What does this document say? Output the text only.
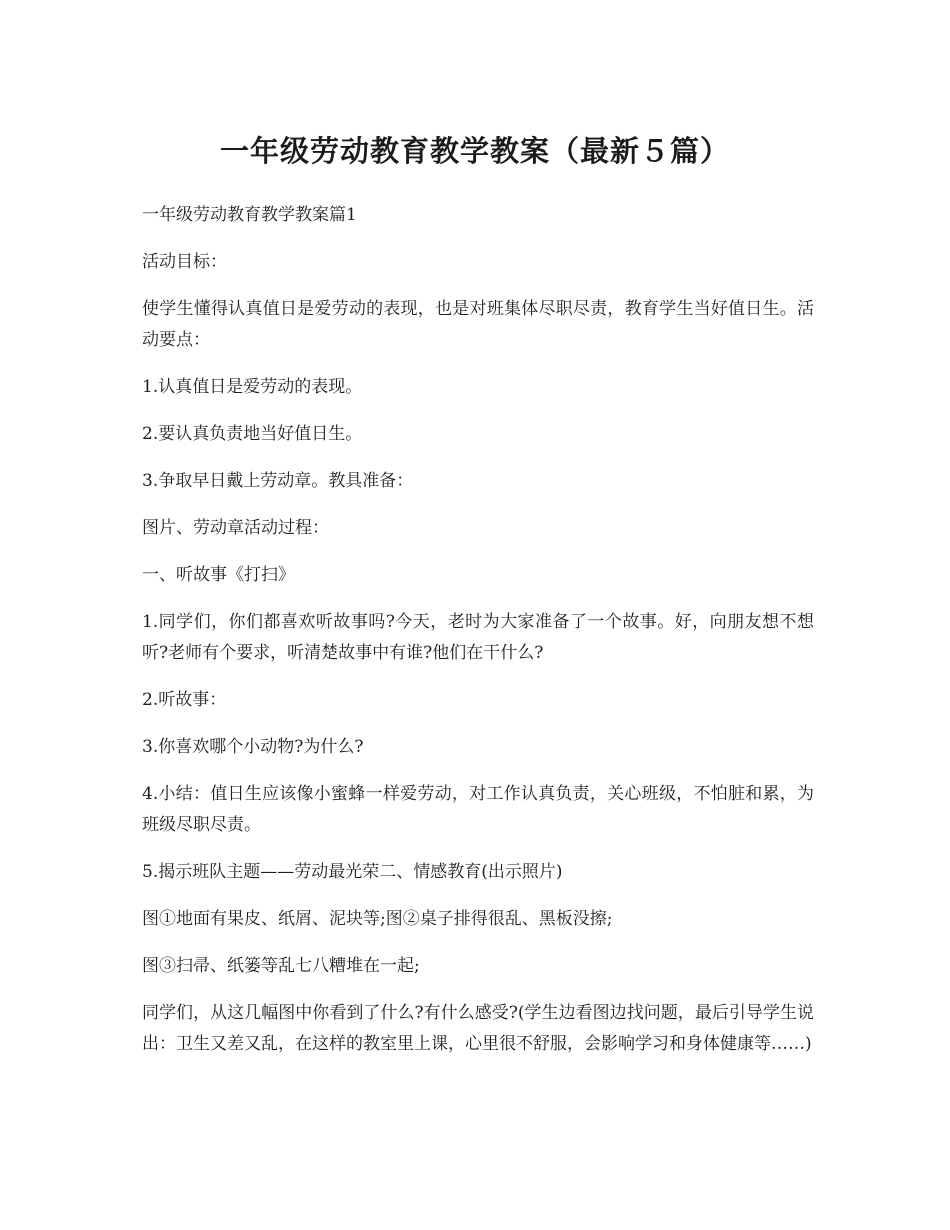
一年级劳动教育教学教案（最新５篇）

一年级劳动教育教学教案篇1

活动目标：

使学生懂得认真值日是爱劳动的表现，也是对班集体尽职尽责，教育学生当好值日生。活动要点：

1.认真值日是爱劳动的表现。

2.要认真负责地当好值日生。

3.争取早日戴上劳动章。教具准备：

图片、劳动章活动过程：

一、听故事《打扫》

1.同学们，你们都喜欢听故事吗?今天，老时为大家准备了一个故事。好，向朋友想不想听?老师有个要求，听清楚故事中有谁?他们在干什么?

2.听故事：

3.你喜欢哪个小动物?为什么?

4.小结：值日生应该像小蜜蜂一样爱劳动，对工作认真负责，关心班级，不怕脏和累，为班级尽职尽责。

5.揭示班队主题——劳动最光荣二、情感教育(出示照片)

图①地面有果皮、纸屑、泥块等;图②桌子排得很乱、黑板没擦;

图③扫帚、纸篓等乱七八糟堆在一起;

同学们，从这几幅图中你看到了什么?有什么感受?(学生边看图边找问题，最后引导学生说出：卫生又差又乱，在这样的教室里上课，心里很不舒服，会影响学习和身体健康等……)
